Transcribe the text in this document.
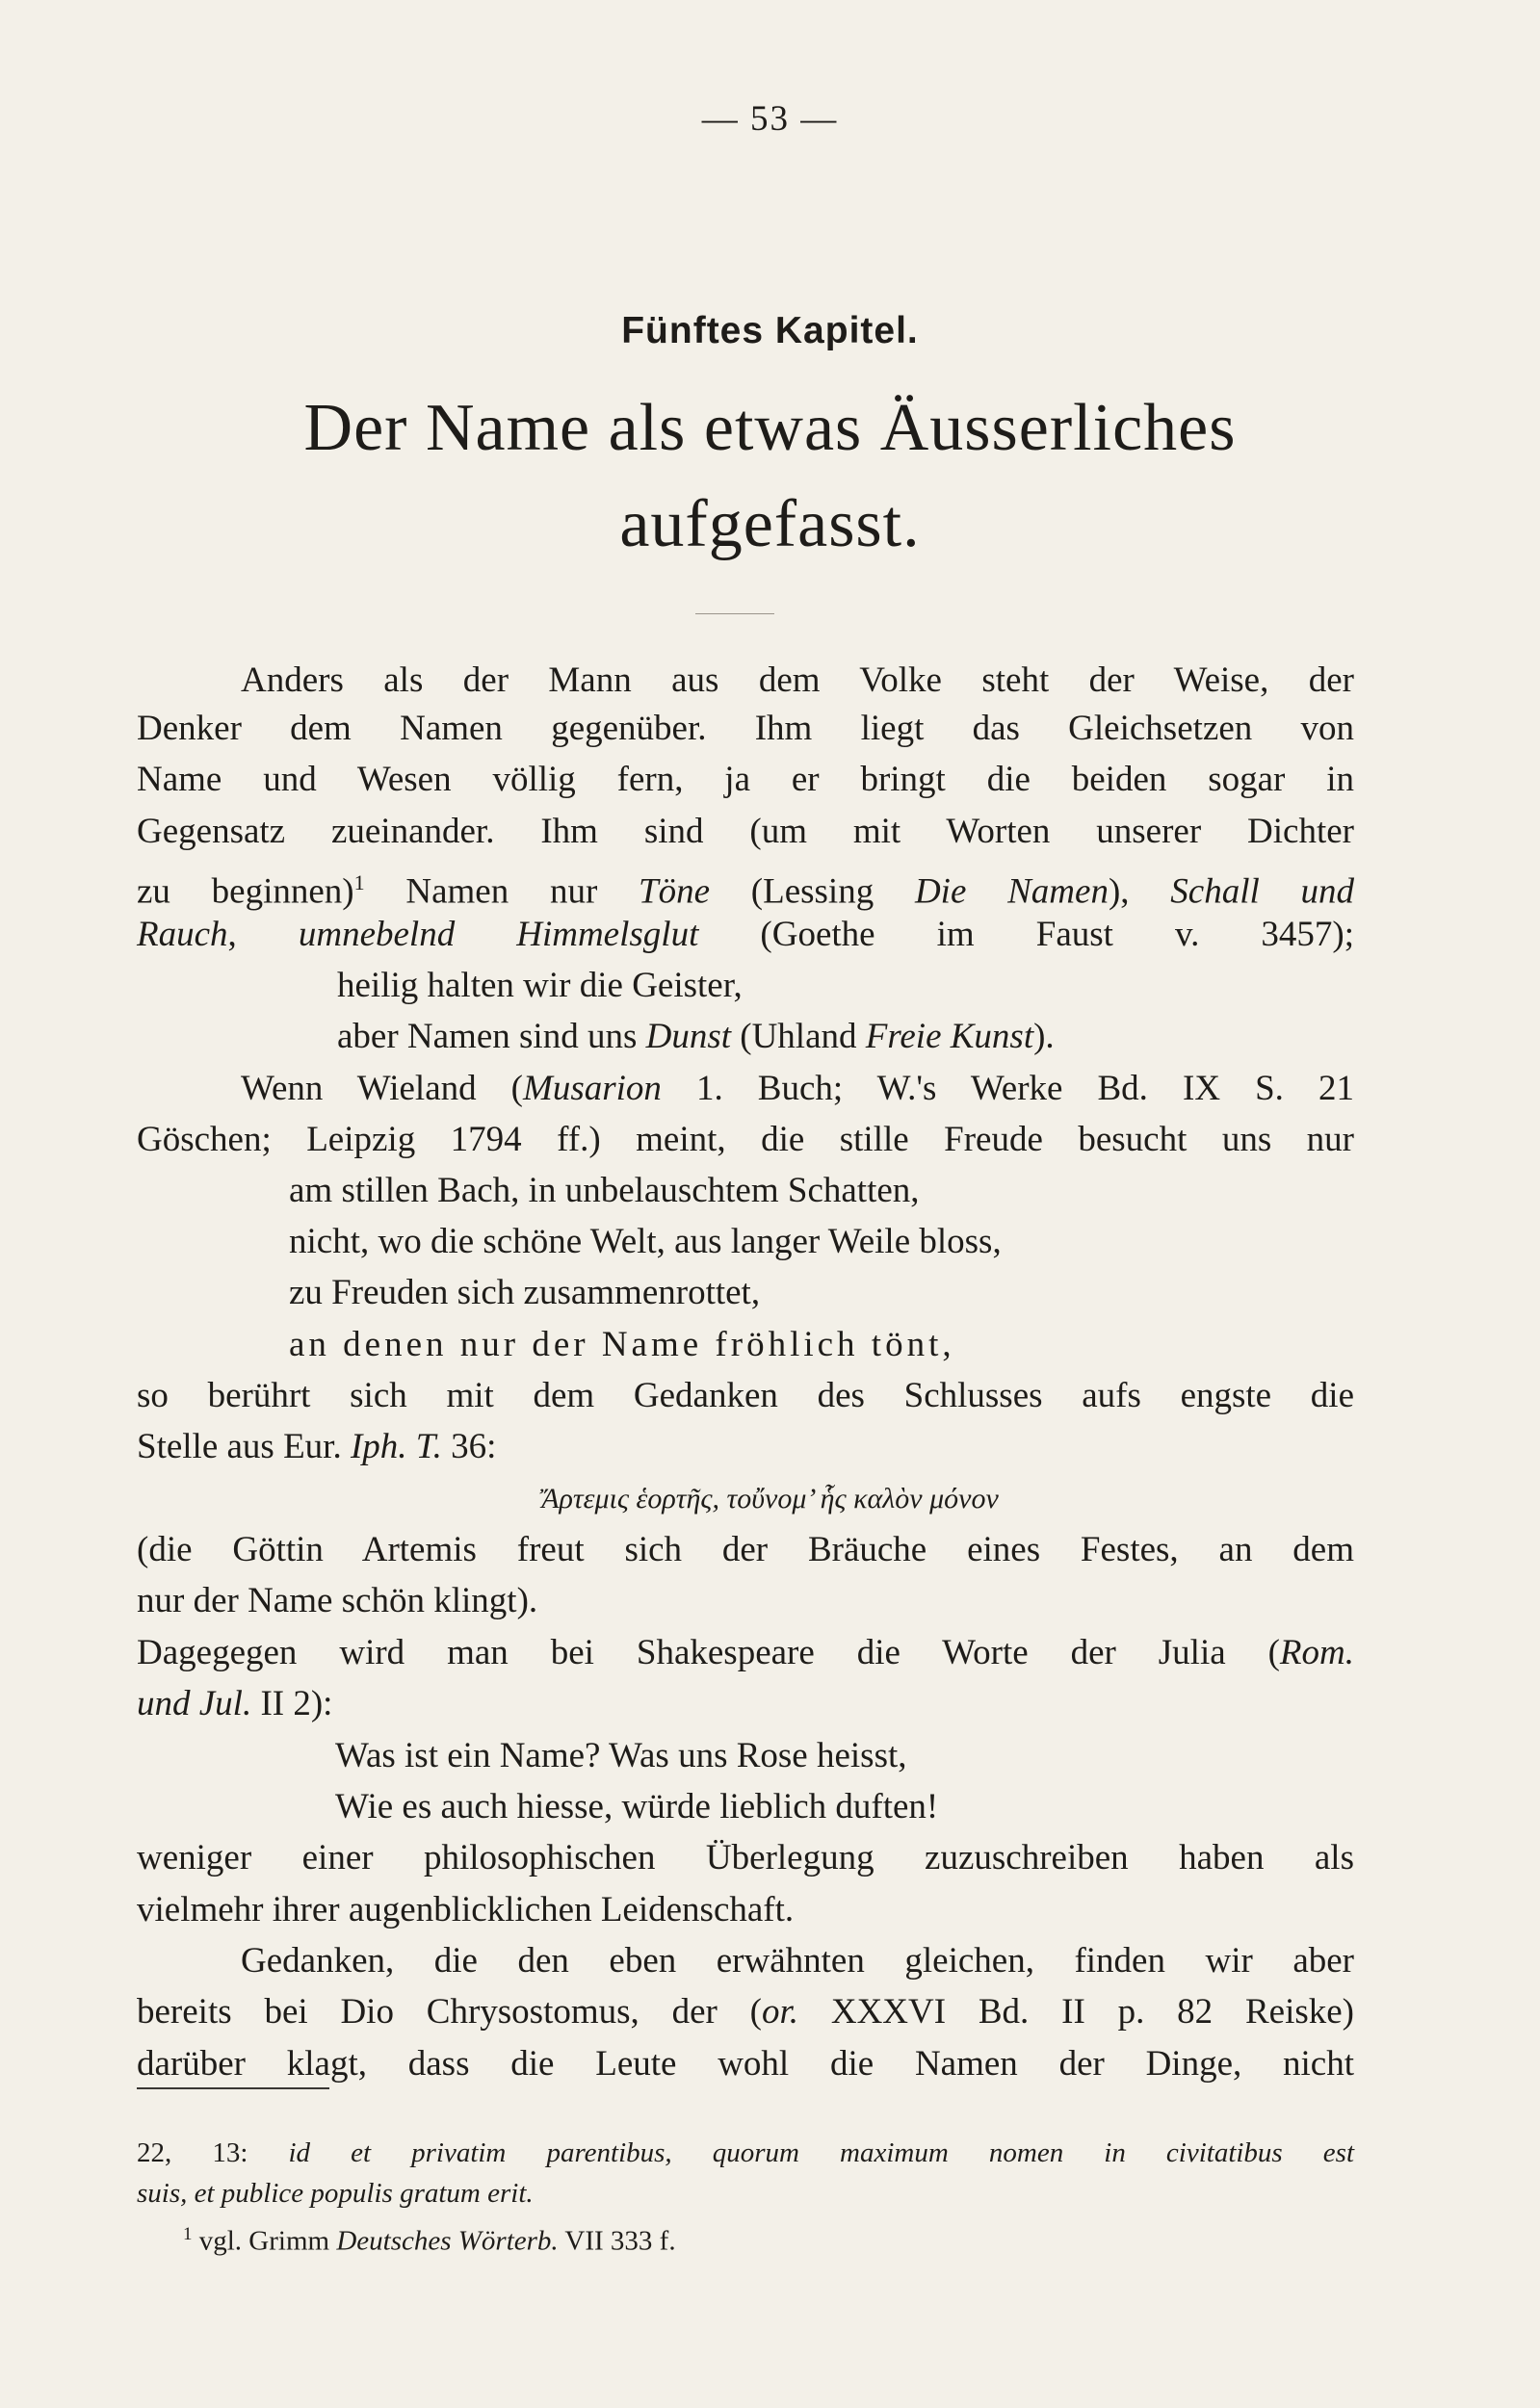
— 53 —
Fünftes Kapitel.
Der Name als etwas Äusserliches
aufgefasst.
Anders als der Mann aus dem Volke steht der Weise, der
Denker dem Namen gegenüber. Ihm liegt das Gleichsetzen von
Name und Wesen völlig fern, ja er bringt die beiden sogar in
Gegensatz zueinander. Ihm sind (um mit Worten unserer Dichter
zu beginnen)$^1$ Namen nur Töne (Lessing Die Namen), Schall und
Rauch, umnebelnd Himmelsglut (Goethe im Faust v. 3457);
heilig halten wir die Geister,
aber Namen sind uns Dunst (Uhland Freie Kunst).
Wenn Wieland (Musarion 1. Buch; W.'s Werke Bd. IX S. 21
Göschen; Leipzig 1794 ff.) meint, die stille Freude besucht uns nur
am stillen Bach, in unbelauschtem Schatten,
nicht, wo die schöne Welt, aus langer Weile bloss,
zu Freuden sich zusammenrottet,
an denen nur der Name fröhlich tönt,
so berührt sich mit dem Gedanken des Schlusses aufs engste die
Stelle aus Eur. Iph. T. 36:
Ἄρτεμις ἑορτῆς, τοὔνομ’ ἧς καλὸν μόνον
(die Göttin Artemis freut sich der Bräuche eines Festes, an dem
nur der Name schön klingt).
Dagegegen wird man bei Shakespeare die Worte der Julia (Rom.
und Jul. II 2):
Was ist ein Name? Was uns Rose heisst,
Wie es auch hiesse, würde lieblich duften!
weniger einer philosophischen Überlegung zuzuschreiben haben als
vielmehr ihrer augenblicklichen Leidenschaft.
Gedanken, die den eben erwähnten gleichen, finden wir aber
bereits bei Dio Chrysostomus, der (or. XXXVI Bd. II p. 82 Reiske)
darüber klagt, dass die Leute wohl die Namen der Dinge, nicht
22, 13: id et privatim parentibus, quorum maximum nomen in civitatibus est
suis, et publice populis gratum erit.
$^1$ vgl. Grimm Deutsches Wörterb. VII 333 f.
